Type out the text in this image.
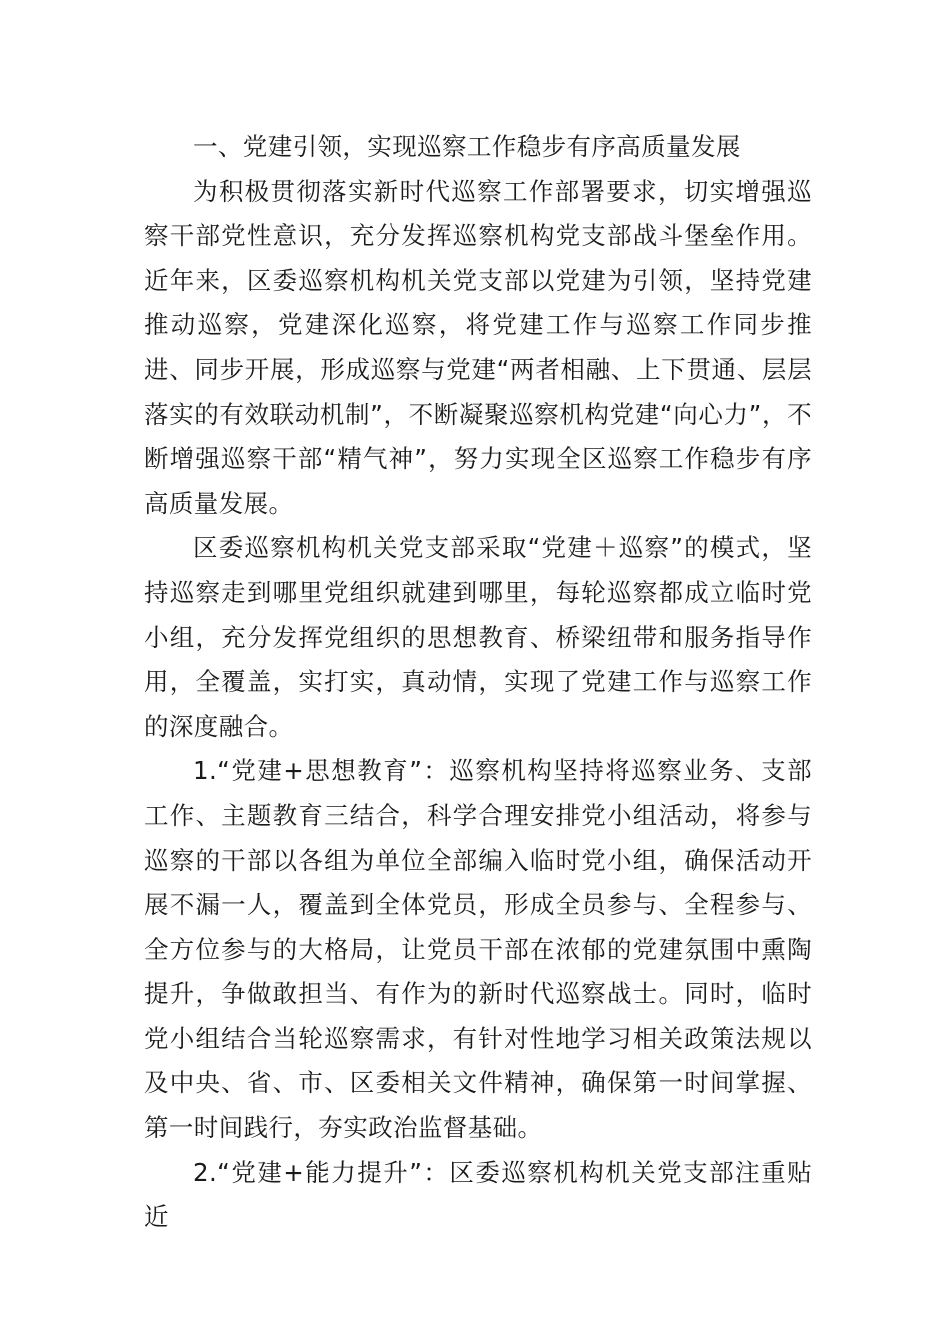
一、党建引领，实现巡察工作稳步有序高质量发展

为积极贯彻落实新时代巡察工作部署要求，切实增强巡察干部党性意识，充分发挥巡察机构党支部战斗堡垒作用。近年来，区委巡察机构机关党支部以党建为引领，坚持党建推动巡察，党建深化巡察，将党建工作与巡察工作同步推进、同步开展，形成巡察与党建“两者相融、上下贯通、层层落实的有效联动机制”，不断凝聚巡察机构党建“向心力”，不断增强巡察干部“精气神”，努力实现全区巡察工作稳步有序高质量发展。

区委巡察机构机关党支部采取“党建＋巡察”的模式，坚持巡察走到哪里党组织就建到哪里，每轮巡察都成立临时党小组，充分发挥党组织的思想教育、桥梁纽带和服务指导作用，全覆盖，实打实，真动情，实现了党建工作与巡察工作的深度融合。

1.“党建+思想教育”：巡察机构坚持将巡察业务、支部工作、主题教育三结合，科学合理安排党小组活动，将参与巡察的干部以各组为单位全部编入临时党小组，确保活动开展不漏一人，覆盖到全体党员，形成全员参与、全程参与、全方位参与的大格局，让党员干部在浓郁的党建氛围中熏陶提升，争做敢担当、有作为的新时代巡察战士。同时，临时党小组结合当轮巡察需求，有针对性地学习相关政策法规以及中央、省、市、区委相关文件精神，确保第一时间掌握、第一时间践行，夯实政治监督基础。

2.“党建+能力提升”：区委巡察机构机关党支部注重贴近
